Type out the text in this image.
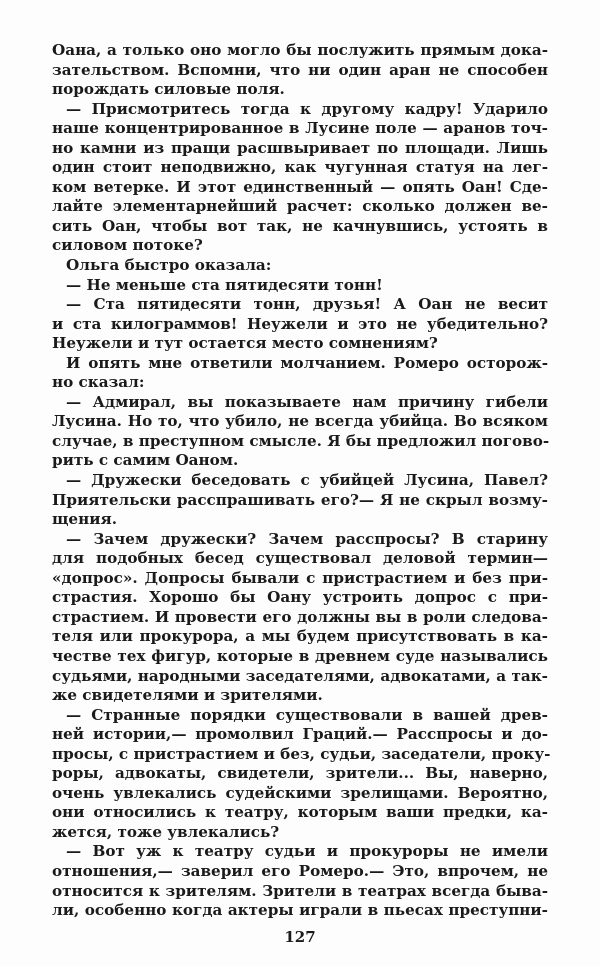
Оана, а только оно могло бы послужить прямым дока-
зательством. Вспомни, что ни один аран не способен
порождать силовые поля.
— Присмотритесь тогда к другому кадру! Ударило
наше концентрированное в Лусине поле — аранов точ-
но камни из пращи расшвыривает по площади. Лишь
один стоит неподвижно, как чугунная статуя на лег-
ком ветерке. И этот единственный — опять Оан! Сде-
лайте элементарнейший расчет: сколько должен ве-
сить Оан, чтобы вот так, не качнувшись, устоять в
силовом потоке?
Ольга быстро оказала:
— Не меньше ста пятидесяти тонн!
— Ста пятидесяти тонн, друзья! А Оан не весит
и ста килограммов! Неужели и это не убедительно?
Неужели и тут остается место сомнениям?
И опять мне ответили молчанием. Ромеро осторож-
но сказал:
— Адмирал, вы показываете нам причину гибели
Лусина. Но то, что убило, не всегда убийца. Во всяком
случае, в преступном смысле. Я бы предложил погово-
рить с самим Оаном.
— Дружески беседовать с убийцей Лусина, Павел?
Приятельски расспрашивать его?— Я не скрыл возму-
щения.
— Зачем дружески? Зачем расспросы? В старину
для подобных бесед существовал деловой термин—
«допрос». Допросы бывали с пристрастием и без при-
страстия. Хорошо бы Оану устроить допрос с при-
страстием. И провести его должны вы в роли следова-
теля или прокурора, а мы будем присутствовать в ка-
честве тех фигур, которые в древнем суде назывались
судьями, народными заседателями, адвокатами, а так-
же свидетелями и зрителями.
— Странные порядки существовали в вашей древ-
ней истории,— промолвил Граций.— Расспросы и до-
просы, с пристрастием и без, судьи, заседатели, проку-
роры, адвокаты, свидетели, зрители... Вы, наверно,
очень увлекались судейскими зрелищами. Вероятно,
они относились к театру, которым ваши предки, ка-
жется, тоже увлекались?
— Вот уж к театру судьи и прокуроры не имели
отношения,— заверил его Ромеро.— Это, впрочем, не
относится к зрителям. Зрители в театрах всегда быва-
ли, особенно когда актеры играли в пьесах преступни-
127
